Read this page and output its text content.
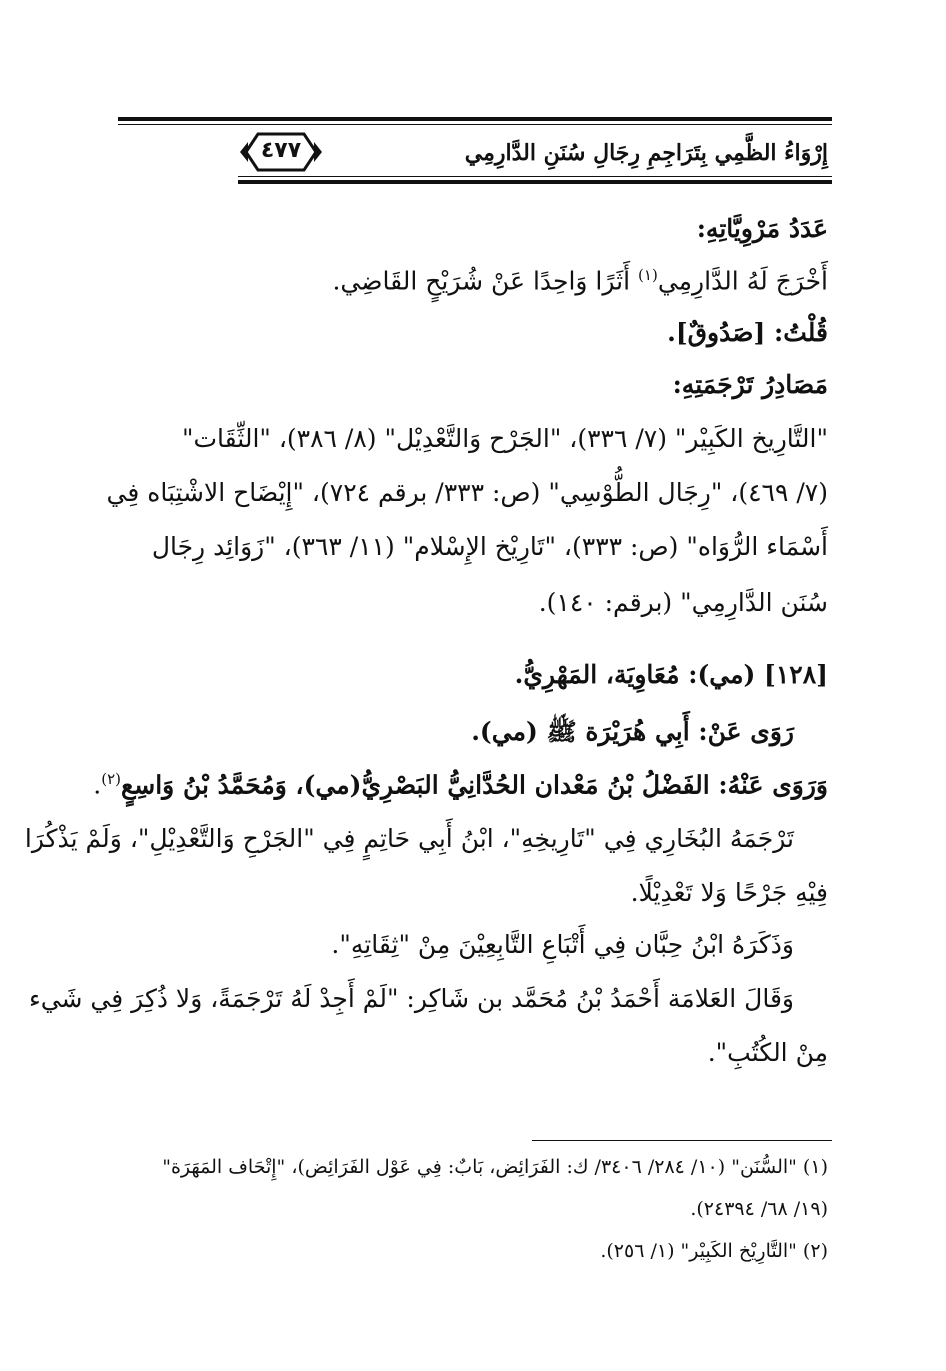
إِرْوَاءُ الظَّمِي بِتَرَاجِمِ رِجَالِ سُنَنِ الدَّارِمِي
٤٧٧
عَدَدُ مَرْوِيَّاتِهِ:
أَخْرَجَ لَهُ الدَّارِمِي$^{(١)}$ أَثَرًا وَاحِدًا عَنْ شُرَيْحٍ القَاضِي.
قُلْتُ: [صَدُوقٌ].
مَصَادِرُ تَرْجَمَتِهِ:
"التَّارِيخ الكَبِيْر" (٧/ ٣٣٦)، "الجَرْح وَالتَّعْدِيْل" (٨/ ٣٨٦)، "الثِّقَات"
(٧/ ٤٦٩)، "رِجَال الطُّوْسِي" (ص: ٣٣٣/ برقم ٧٢٤)، "إِيْضَاح الاشْتِبَاه فِي
أَسْمَاء الرُّوَاه" (ص: ٣٣٣)، "تَارِيْخ الإِسْلام" (١١/ ٣٦٣)، "زَوَائِد رِجَال
سُنَن الدَّارِمِي" (برقم: ١٤٠).
[١٢٨] (مي): مُعَاوِيَة، المَهْرِيُّ.
رَوَى عَنْ: أَبِي هُرَيْرَة ﷺ (مي).
وَرَوَى عَنْهُ: الفَضْلُ بْنُ مَعْدان الحُدَّانِيُّ البَصْرِيُّ(مي)، وَمُحَمَّدُ بْنُ وَاسِعٍ$^{(٢)}$.
تَرْجَمَهُ البُخَارِي فِي "تَارِيخِهِ"، ابْنُ أَبِي حَاتِمٍ فِي "الجَرْحِ وَالتَّعْدِيْلِ"، وَلَمْ يَذْكُرَا
فِيْهِ جَرْحًا وَلا تَعْدِيْلًا.
وَذَكَرَهُ ابْنُ حِبَّان فِي أَتْبَاعِ التَّابِعِيْنَ مِنْ "ثِقَاتِهِ".
وَقَالَ العَلامَة أَحْمَدُ بْنُ مُحَمَّد بن شَاكِر: "لَمْ أَجِدْ لَهُ تَرْجَمَةً، وَلا ذُكِرَ فِي شَيء
مِنْ الكُتُبِ".
(١) "السُّنَن" (١٠/ ٢٨٤/ ٣٤٠٦/ ك: الفَرَائِض، بَابٌ: فِي عَوْل الفَرَائِض)، "إِتْحَاف المَهَرَة"
(١٩/ ٦٨/ ٢٤٣٩٤).
(٢) "التَّارِيْخ الكَبِيْر" (١/ ٢٥٦).
